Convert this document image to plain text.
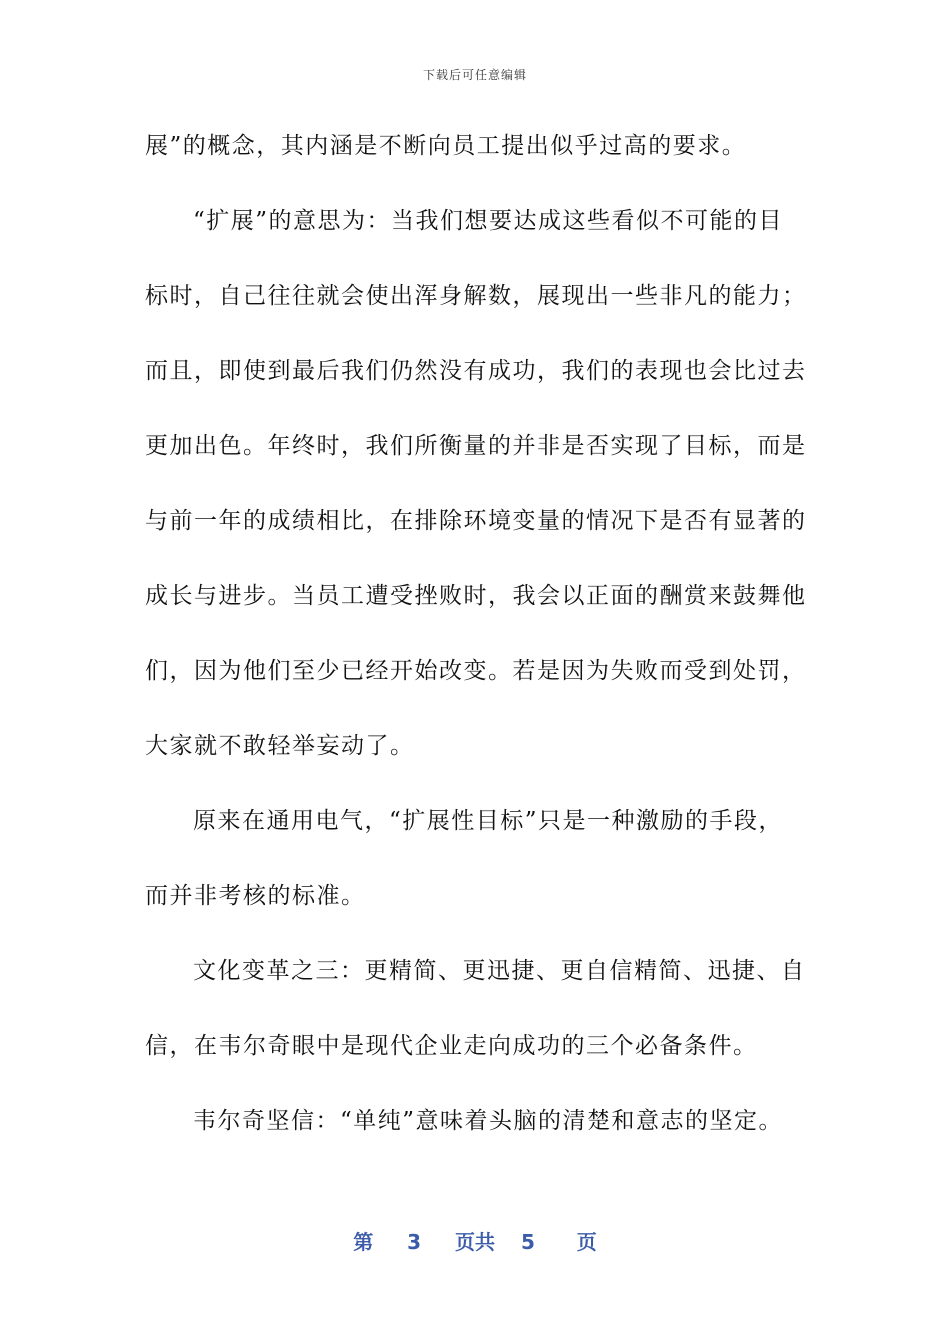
下载后可任意编辑
展”的概念，其内涵是不断向员工提出似乎过高的要求。
“扩展”的意思为：当我们想要达成这些看似不可能的目
标时，自己往往就会使出浑身解数，展现出一些非凡的能力；
而且，即使到最后我们仍然没有成功，我们的表现也会比过去
更加出色。年终时，我们所衡量的并非是否实现了目标，而是
与前一年的成绩相比，在排除环境变量的情况下是否有显著的
成长与进步。当员工遭受挫败时，我会以正面的酬赏来鼓舞他
们，因为他们至少已经开始改变。若是因为失败而受到处罚，
大家就不敢轻举妄动了。
原来在通用电气，“扩展性目标”只是一种激励的手段，
而并非考核的标准。
文化变革之三：更精简、更迅捷、更自信精简、迅捷、自
信，在韦尔奇眼中是现代企业走向成功的三个必备条件。
韦尔奇坚信：“单纯”意味着头脑的清楚和意志的坚定。
第 3 页共 5 页
